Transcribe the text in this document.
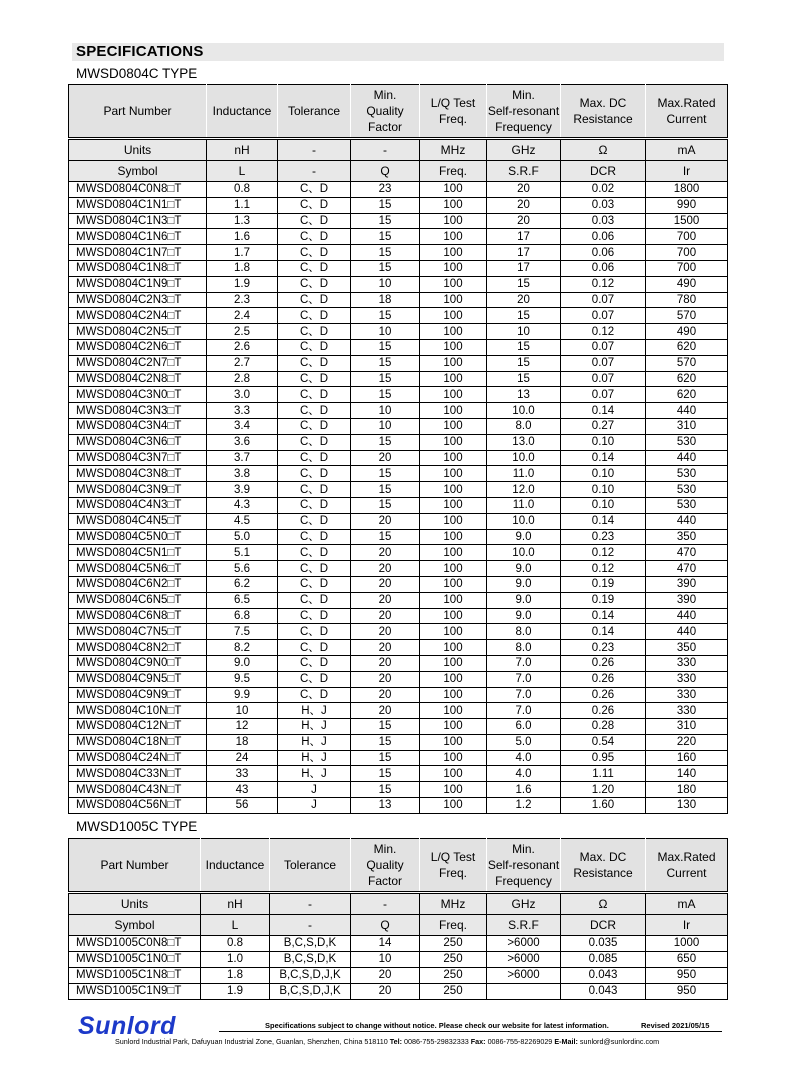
SPECIFICATIONS
MWSD0804C TYPE
Part Number	Inductance	Tolerance	Min.
Quality
Factor	L/Q Test
Freq.	Min.
Self-resonant
Frequency	Max. DC
Resistance	Max.Rated
Current
Units	nH	-	-	MHz	GHz	Ω	mA
Symbol	L	-	Q	Freq.	S.R.F	DCR	Ir
MWSD0804C0N8□T	0.8	C、D	23	100	20	0.02	1800
MWSD0804C1N1□T	1.1	C、D	15	100	20	0.03	990
MWSD0804C1N3□T	1.3	C、D	15	100	20	0.03	1500
MWSD0804C1N6□T	1.6	C、D	15	100	17	0.06	700
MWSD0804C1N7□T	1.7	C、D	15	100	17	0.06	700
MWSD0804C1N8□T	1.8	C、D	15	100	17	0.06	700
MWSD0804C1N9□T	1.9	C、D	10	100	15	0.12	490
MWSD0804C2N3□T	2.3	C、D	18	100	20	0.07	780
MWSD0804C2N4□T	2.4	C、D	15	100	15	0.07	570
MWSD0804C2N5□T	2.5	C、D	10	100	10	0.12	490
MWSD0804C2N6□T	2.6	C、D	15	100	15	0.07	620
MWSD0804C2N7□T	2.7	C、D	15	100	15	0.07	570
MWSD0804C2N8□T	2.8	C、D	15	100	15	0.07	620
MWSD0804C3N0□T	3.0	C、D	15	100	13	0.07	620
MWSD0804C3N3□T	3.3	C、D	10	100	10.0	0.14	440
MWSD0804C3N4□T	3.4	C、D	10	100	8.0	0.27	310
MWSD0804C3N6□T	3.6	C、D	15	100	13.0	0.10	530
MWSD0804C3N7□T	3.7	C、D	20	100	10.0	0.14	440
MWSD0804C3N8□T	3.8	C、D	15	100	11.0	0.10	530
MWSD0804C3N9□T	3.9	C、D	15	100	12.0	0.10	530
MWSD0804C4N3□T	4.3	C、D	15	100	11.0	0.10	530
MWSD0804C4N5□T	4.5	C、D	20	100	10.0	0.14	440
MWSD0804C5N0□T	5.0	C、D	15	100	9.0	0.23	350
MWSD0804C5N1□T	5.1	C、D	20	100	10.0	0.12	470
MWSD0804C5N6□T	5.6	C、D	20	100	9.0	0.12	470
MWSD0804C6N2□T	6.2	C、D	20	100	9.0	0.19	390
MWSD0804C6N5□T	6.5	C、D	20	100	9.0	0.19	390
MWSD0804C6N8□T	6.8	C、D	20	100	9.0	0.14	440
MWSD0804C7N5□T	7.5	C、D	20	100	8.0	0.14	440
MWSD0804C8N2□T	8.2	C、D	20	100	8.0	0.23	350
MWSD0804C9N0□T	9.0	C、D	20	100	7.0	0.26	330
MWSD0804C9N5□T	9.5	C、D	20	100	7.0	0.26	330
MWSD0804C9N9□T	9.9	C、D	20	100	7.0	0.26	330
MWSD0804C10N□T	10	H、J	20	100	7.0	0.26	330
MWSD0804C12N□T	12	H、J	15	100	6.0	0.28	310
MWSD0804C18N□T	18	H、J	15	100	5.0	0.54	220
MWSD0804C24N□T	24	H、J	15	100	4.0	0.95	160
MWSD0804C33N□T	33	H、J	15	100	4.0	1.11	140
MWSD0804C43N□T	43	J	15	100	1.6	1.20	180
MWSD0804C56N□T	56	J	13	100	1.2	1.60	130
MWSD1005C TYPE
Part Number	Inductance	Tolerance	Min.
Quality
Factor	L/Q Test
Freq.	Min.
Self-resonant
Frequency	Max. DC
Resistance	Max.Rated
Current
Units	nH	-	-	MHz	GHz	Ω	mA
Symbol	L	-	Q	Freq.	S.R.F	DCR	Ir
MWSD1005C0N8□T	0.8	B,C,S,D,K	14	250	>6000	0.035	1000
MWSD1005C1N0□T	1.0	B,C,S,D,K	10	250	>6000	0.085	650
MWSD1005C1N8□T	1.8	B,C,S,D,J,K	20	250	>6000	0.043	950
MWSD1005C1N9□T	1.9	B,C,S,D,J,K	20	250		0.043	950
Sunlord	Specifications subject to change without notice. Please check our website for latest information.	Revised 2021/05/15
Sunlord Industrial Park, Dafuyuan Industrial Zone, Guanlan, Shenzhen, China 518110 Tel: 0086-755-29832333 Fax: 0086-755-82269029 E-Mail: sunlord@sunlordinc.com
